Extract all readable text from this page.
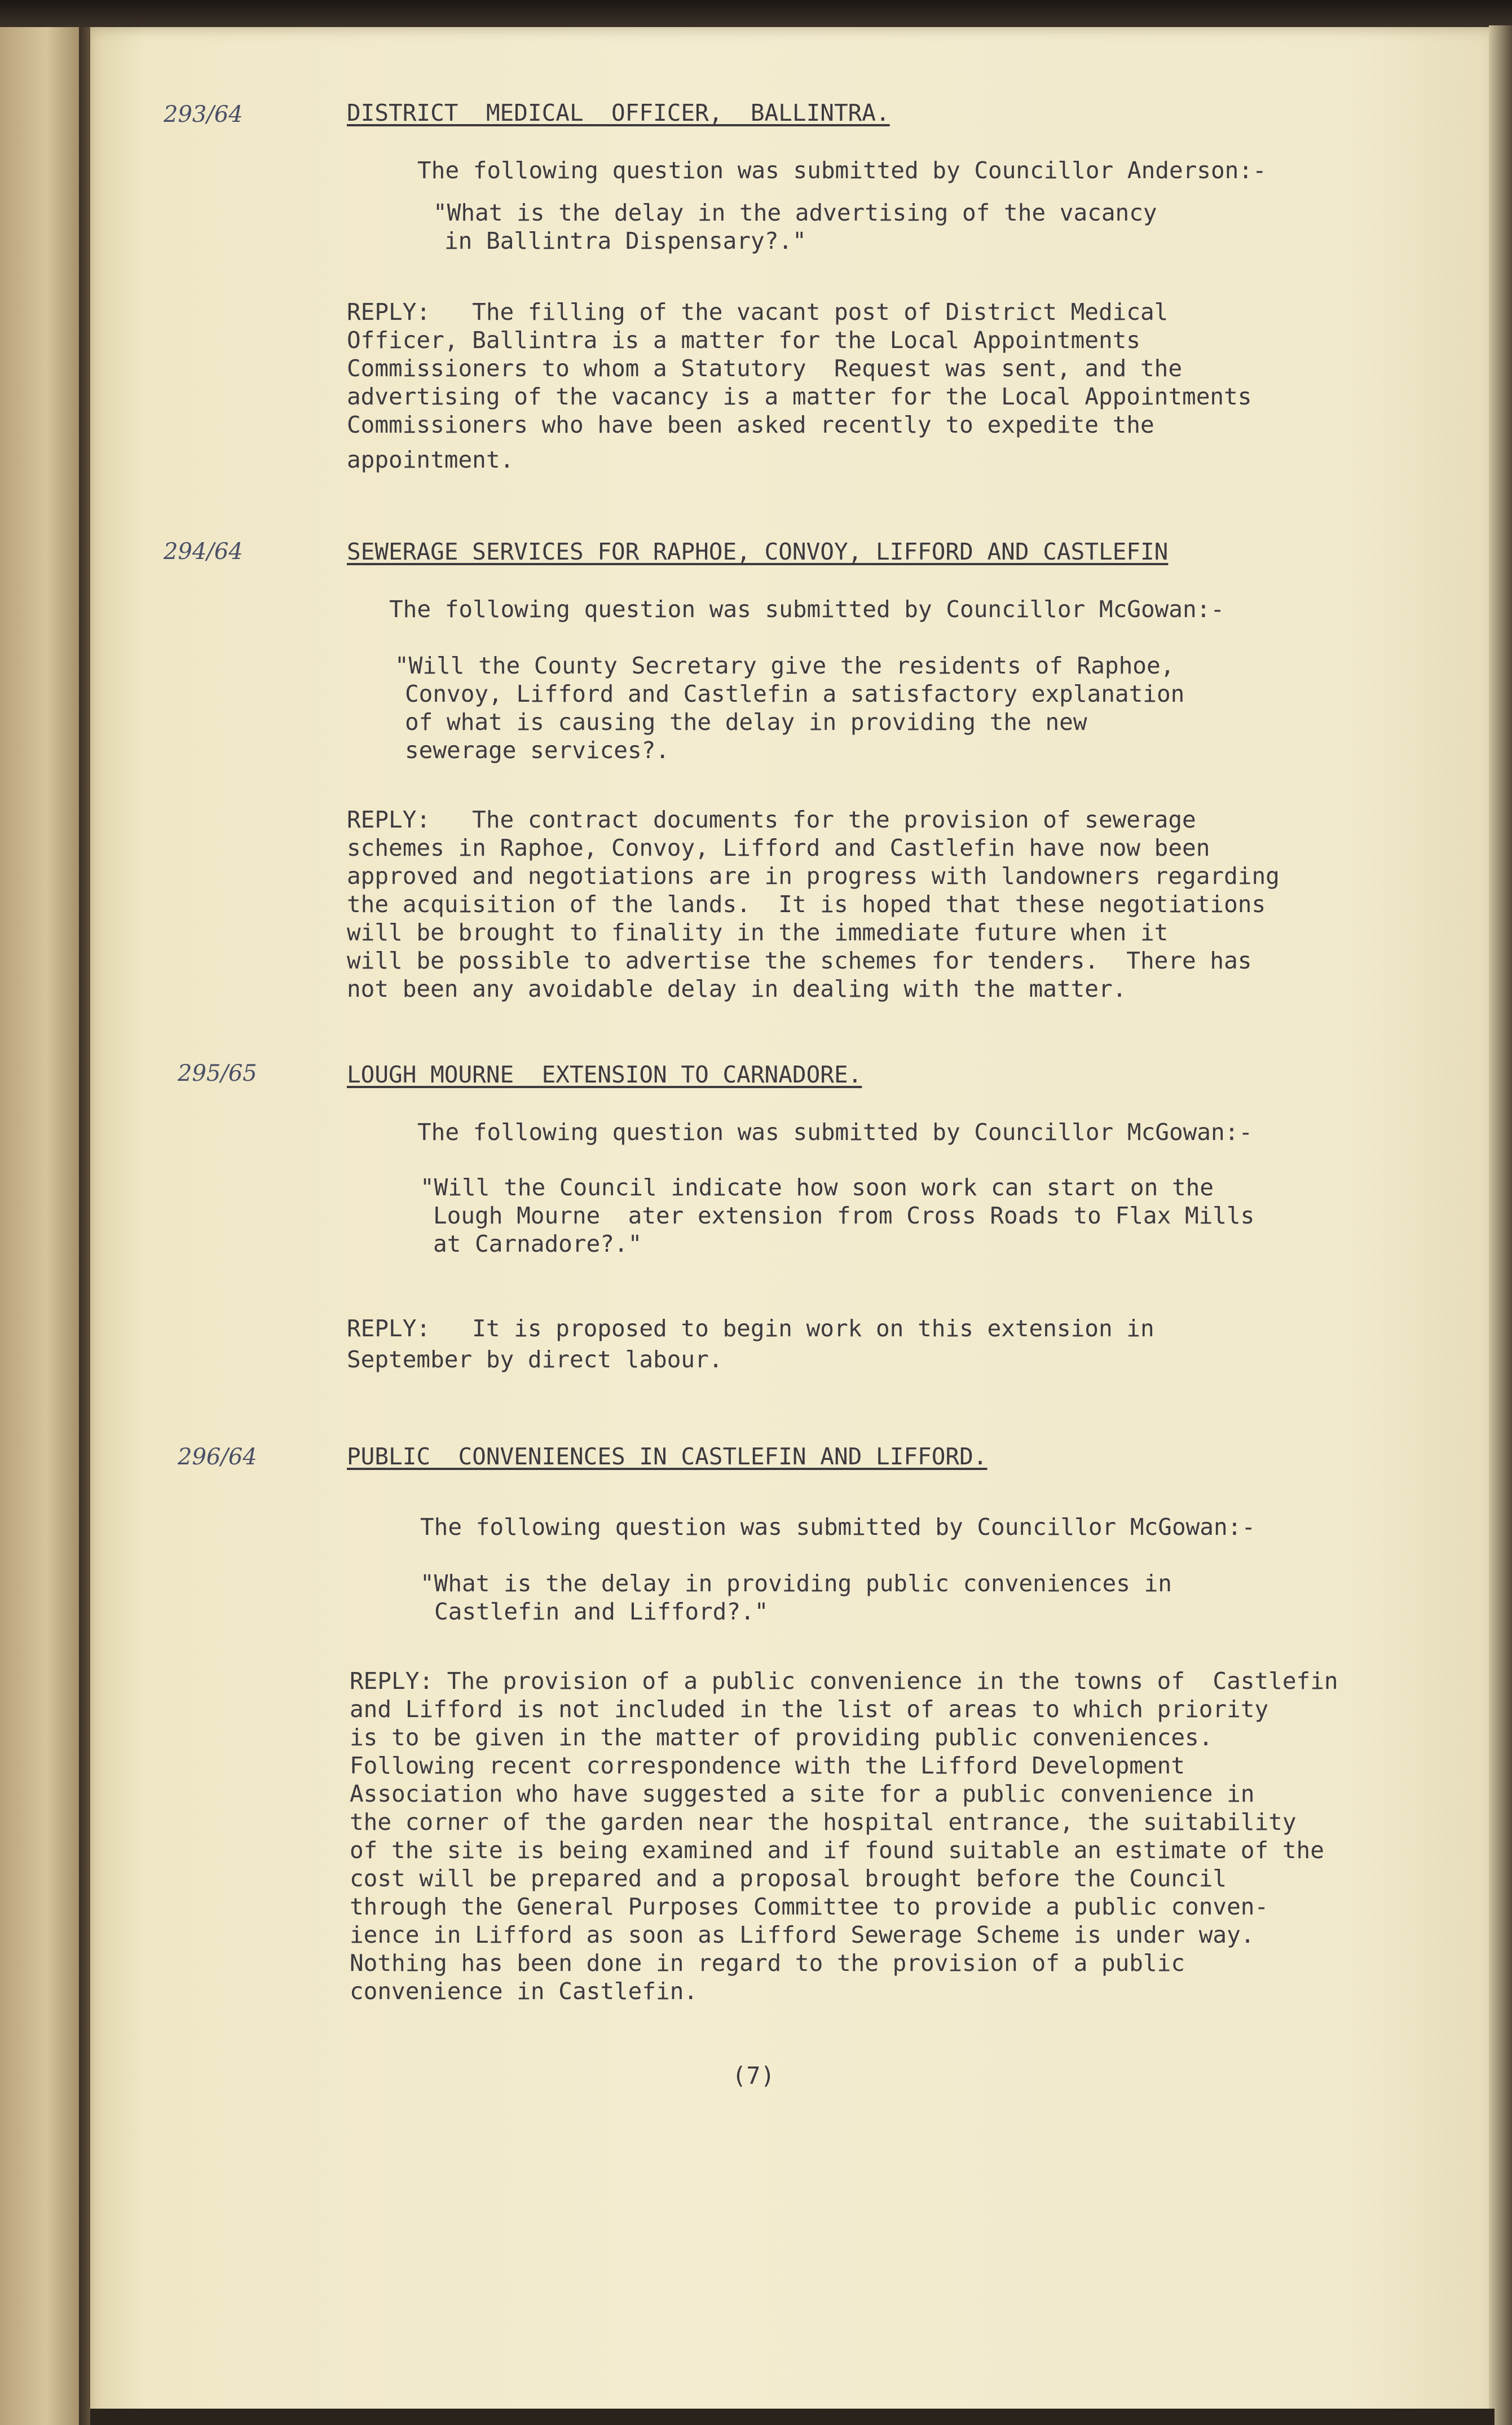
293/64	DISTRICT  MEDICAL  OFFICER,  BALLINTRA.
The following question was submitted by Councillor Anderson:-
"What is the delay in the advertising of the vacancy
in Ballintra Dispensary?."
REPLY:   The filling of the vacant post of District Medical
Officer, Ballintra is a matter for the Local Appointments
Commissioners to whom a Statutory  Request was sent, and the
advertising of the vacancy is a matter for the Local Appointments
Commissioners who have been asked recently to expedite the
appointment.
294/64	SEWERAGE SERVICES FOR RAPHOE, CONVOY, LIFFORD AND CASTLEFIN
The following question was submitted by Councillor McGowan:-
"Will the County Secretary give the residents of Raphoe,
Convoy, Lifford and Castlefin a satisfactory explanation
of what is causing the delay in providing the new
sewerage services?.
REPLY:   The contract documents for the provision of sewerage
schemes in Raphoe, Convoy, Lifford and Castlefin have now been
approved and negotiations are in progress with landowners regarding
the acquisition of the lands.  It is hoped that these negotiations
will be brought to finality in the immediate future when it
will be possible to advertise the schemes for tenders.  There has
not been any avoidable delay in dealing with the matter.
295/65	LOUGH MOURNE  EXTENSION TO CARNADORE.
The following question was submitted by Councillor McGowan:-
"Will the Council indicate how soon work can start on the
Lough Mourne  ater extension from Cross Roads to Flax Mills
at Carnadore?."
REPLY:   It is proposed to begin work on this extension in
September by direct labour.
296/64	PUBLIC  CONVENIENCES IN CASTLEFIN AND LIFFORD.
The following question was submitted by Councillor McGowan:-
"What is the delay in providing public conveniences in
Castlefin and Lifford?."
REPLY: The provision of a public convenience in the towns of  Castlefin
and Lifford is not included in the list of areas to which priority
is to be given in the matter of providing public conveniences.
Following recent correspondence with the Lifford Development
Association who have suggested a site for a public convenience in
the corner of the garden near the hospital entrance, the suitability
of the site is being examined and if found suitable an estimate of the
cost will be prepared and a proposal brought before the Council
through the General Purposes Committee to provide a public conven-
ience in Lifford as soon as Lifford Sewerage Scheme is under way.
Nothing has been done in regard to the provision of a public
convenience in Castlefin.
(7)
